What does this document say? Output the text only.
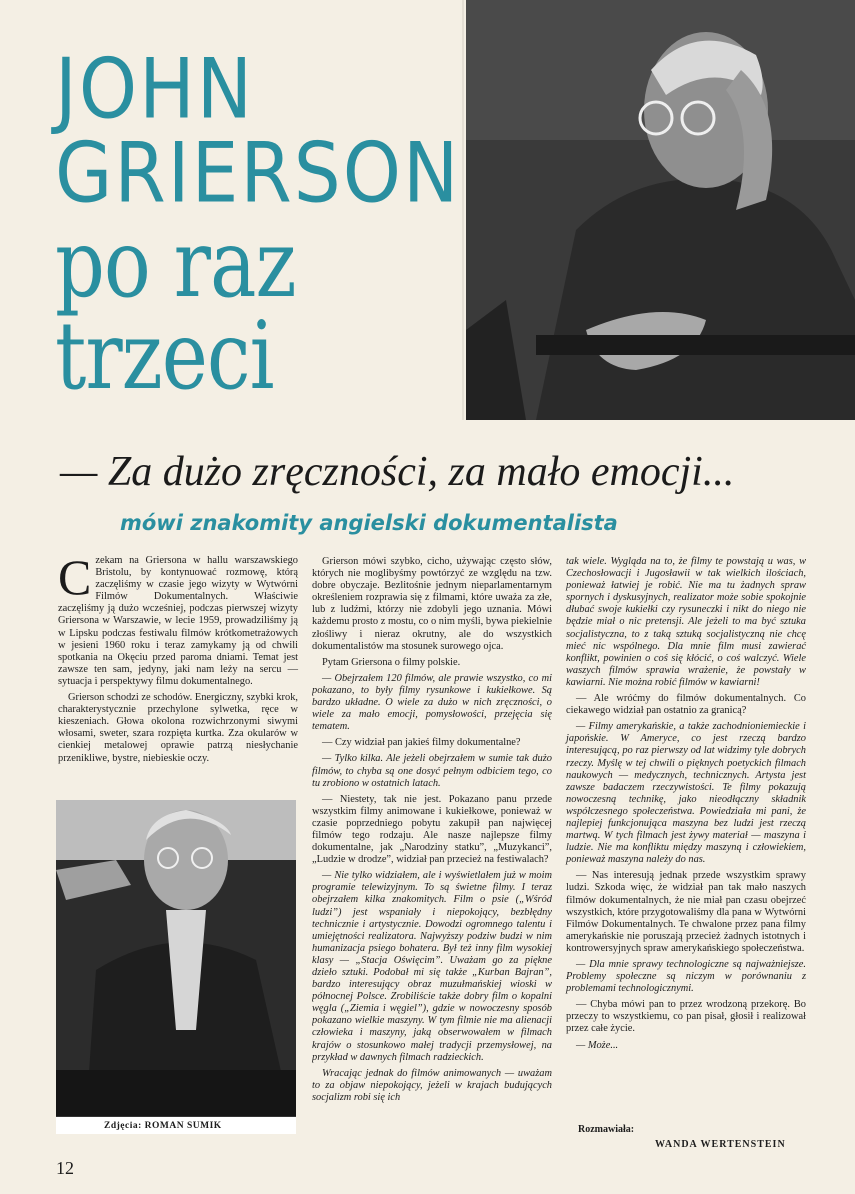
JOHN
GRIERSON
po raz
trzeci
— Za dużo zręczności, za mało emocji...
mówi znakomity angielski dokumentalista

Czekam na Griersona w hallu warszawskiego Bristolu, by kontynuować rozmowę, którą zaczęliśmy w czasie jego wizyty w Wytwórni Filmów Dokumentalnych. Właściwie zaczęliśmy ją dużo wcześniej, podczas pierwszej wizyty Griersona w Warszawie, w lecie 1959, prowadziliśmy ją w Lipsku podczas festiwalu filmów krótkometrażowych w jesieni 1960 roku i teraz zamykamy ją od chwili spotkania na Okęciu przed paroma dniami. Temat jest zawsze ten sam, jedyny, jaki nam leży na sercu — sytuacja i perspektywy filmu dokumentalnego.

Grierson schodzi ze schodów. Energiczny, szybki krok, charakterystycznie przechylone sylwetka, ręce w kieszeniach. Głowa okolona rozwichrzonymi siwymi włosami, sweter, szara rozpięta kurtka. Zza okularów w cienkiej metalowej oprawie patrzą niesłychanie przenikliwe, bystre, niebieskie oczy.

Zdjęcia: ROMAN SUMIK

Grierson mówi szybko, cicho, używając często słów, których nie moglibyśmy powtórzyć ze względu na tzw. dobre obyczaje. Bezlitośnie jednym nieparlamentarnym określeniem rozprawia się z filmami, które uważa za złe, lub z ludźmi, którzy nie zdobyli jego uznania. Mówi każdemu prosto z mostu, co o nim myśli, bywa piekielnie złośliwy i nieraz okrutny, ale do wszystkich dokumentalistów ma stosunek surowego ojca.

Pytam Griersona o filmy polskie.

— Obejrzałem 120 filmów, ale prawie wszystko, co mi pokazano, to były filmy rysunkowe i kukiełkowe. Są bardzo układne. O wiele za dużo w nich zręczności, o wiele za mało emocji, pomysłowości, przejęcia się tematem.

— Czy widział pan jakieś filmy dokumentalne?

— Tylko kilka. Ale jeżeli obejrzałem w sumie tak dużo filmów, to chyba są one dosyć pełnym odbiciem tego, co tu zrobiono w ostatnich latach.

— Niestety, tak nie jest. Pokazano panu przede wszystkim filmy animowane i kukiełkowe, ponieważ w czasie poprzedniego pobytu zakupił pan najwięcej filmów tego rodzaju. Ale nasze najlepsze filmy dokumentalne, jak „Narodziny statku”, „Muzykanci”, „Ludzie w drodze”, widział pan przecież na festiwalach?

— Nie tylko widziałem, ale i wyświetlałem już w moim programie telewizyjnym. To są świetne filmy. I teraz obejrzałem kilka znakomitych. Film o psie („Wśród ludzi”) jest wspaniały i niepokojący, bezbłędny technicznie i artystycznie. Dowodzi ogromnego talentu i umiejętności realizatora. Najwyższy podziw budzi w nim humanizacja psiego bohatera. Był też inny film wysokiej klasy — „Stacja Oświęcim”. Uważam go za piękne dzieło sztuki. Podobał mi się także „Kurban Bajran”, bardzo interesujący obraz muzułmańskiej wioski w północnej Polsce. Zrobiliście także dobry film o kopalni węgla („Ziemia i węgiel”), gdzie w nowoczesny sposób pokazano wielkie maszyny. W tym filmie nie ma alienacji człowieka i maszyny, jaką obserwowałem w filmach krajów o stosunkowo małej tradycji przemysłowej, na przykład w dawnych filmach radzieckich.

Wracając jednak do filmów animowanych — uważam to za objaw niepokojący, jeżeli w krajach budujących socjalizm robi się ich

tak wiele. Wygląda na to, że filmy te powstają u was, w Czechosłowacji i Jugosławii w tak wielkich ilościach, ponieważ łatwiej je robić. Nie ma tu żadnych spraw spornych i dyskusyjnych, realizator może sobie spokojnie dłubać swoje kukiełki czy rysuneczki i nikt do niego nie będzie miał o nic pretensji. Ale jeżeli to ma być sztuka socjalistyczna, to z taką sztuką socjalistyczną nie chcę mieć nic wspólnego. Dla mnie film musi zawierać konflikt, powinien o coś się kłócić, o coś walczyć. Wiele waszych filmów sprawia wrażenie, że powstały w kawiarni. Nie można robić filmów w kawiarni!

— Ale wróćmy do filmów dokumentalnych. Co ciekawego widział pan ostatnio za granicą?

— Filmy amerykańskie, a także zachodnioniemieckie i japońskie. W Ameryce, co jest rzeczą bardzo interesującą, po raz pierwszy od lat widzimy tyle dobrych rzeczy. Myślę w tej chwili o pięknych poetyckich filmach naukowych — medycznych, technicznych. Artysta jest zawsze badaczem rzeczywistości. Te filmy pokazują nowoczesną technikę, jako nieodłączny składnik współczesnego społeczeństwa. Powiedziała mi pani, że najlepiej funkcjonująca maszyna bez ludzi jest rzeczą martwą. W tych filmach jest żywy materiał — maszyna i ludzie. Nie ma konfliktu między maszyną i człowiekiem, ponieważ maszyna należy do nas.

— Nas interesują jednak przede wszystkim sprawy ludzi. Szkoda więc, że widział pan tak mało naszych filmów dokumentalnych, że nie miał pan czasu obejrzeć wszystkich, które przygotowaliśmy dla pana w Wytwórni Filmów Dokumentalnych. Te chwalone przez pana filmy amerykańskie nie poruszają przecież żadnych istotnych i kontrowersyjnych spraw amerykańskiego społeczeństwa.

— Dla mnie sprawy technologiczne są najważniejsze. Problemy społeczne są niczym w porównaniu z problemami technologicznymi.

— Chyba mówi pan to przez wrodzoną przekorę. Bo przeczy to wszystkiemu, co pan pisał, głosił i realizował przez całe życie.

— Może...

Rozmawiała:
WANDA WERTENSTEIN
12
